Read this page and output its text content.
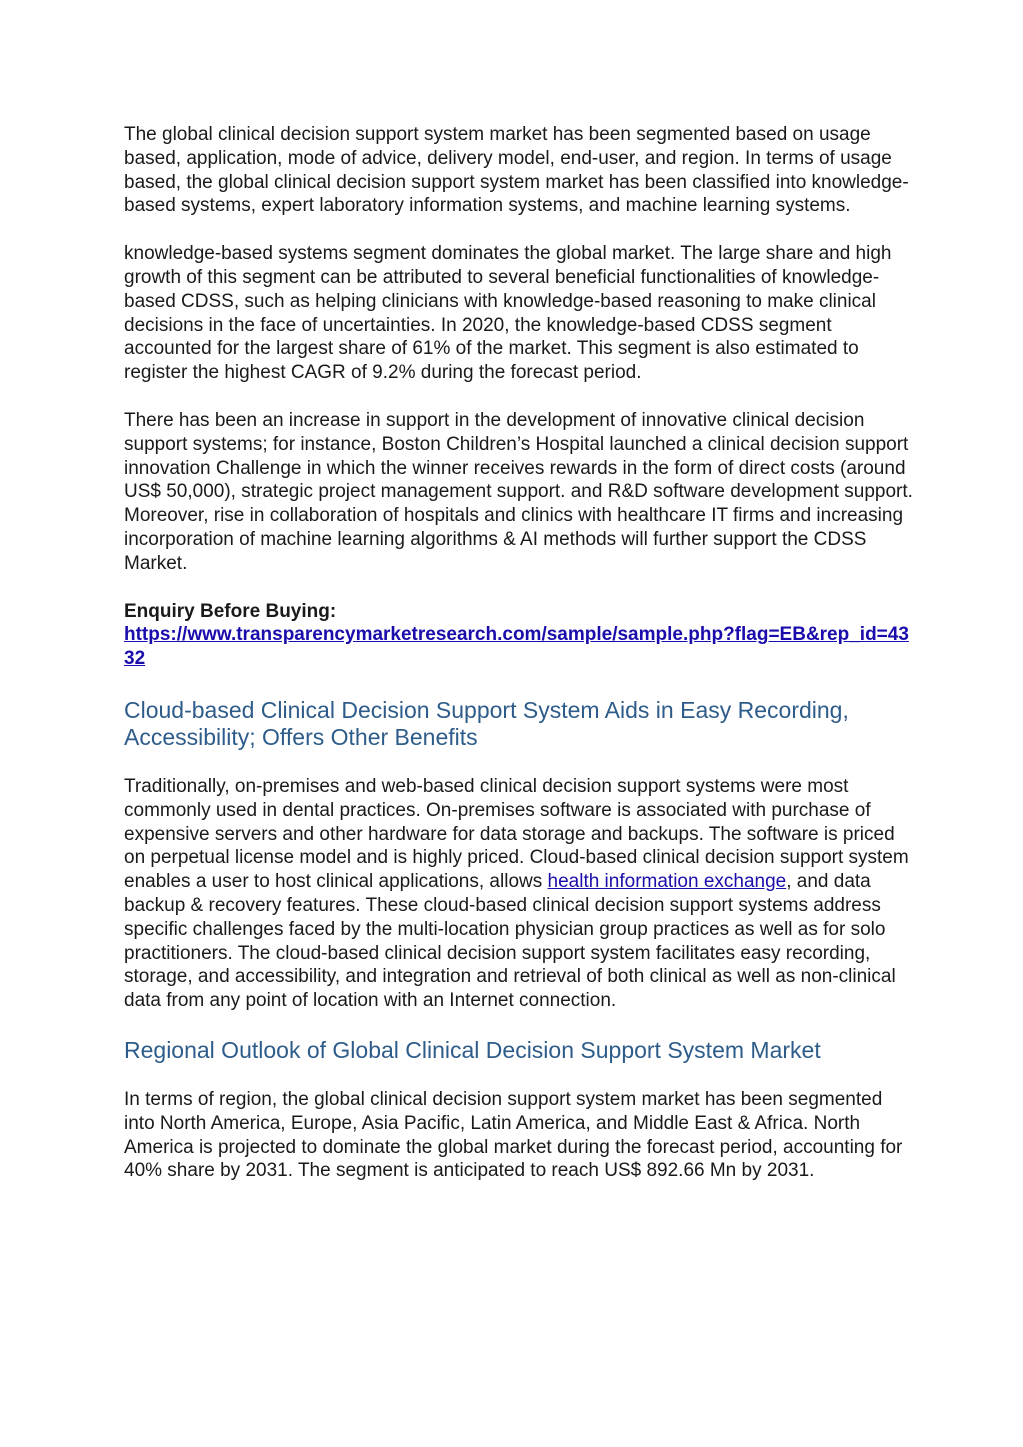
The global clinical decision support system market has been segmented based on usage based, application, mode of advice, delivery model, end-user, and region. In terms of usage based, the global clinical decision support system market has been classified into knowledge-based systems, expert laboratory information systems, and machine learning systems.

knowledge-based systems segment dominates the global market. The large share and high growth of this segment can be attributed to several beneficial functionalities of knowledge-based CDSS, such as helping clinicians with knowledge-based reasoning to make clinical decisions in the face of uncertainties. In 2020, the knowledge-based CDSS segment accounted for the largest share of 61% of the market. This segment is also estimated to register the highest CAGR of 9.2% during the forecast period.

There has been an increase in support in the development of innovative clinical decision support systems; for instance, Boston Children’s Hospital launched a clinical decision support innovation Challenge in which the winner receives rewards in the form of direct costs (around US$ 50,000), strategic project management support. and R&D software development support. Moreover, rise in collaboration of hospitals and clinics with healthcare IT firms and increasing incorporation of machine learning algorithms & AI methods will further support the CDSS Market.

Enquiry Before Buying:

https://www.transparencymarketresearch.com/sample/sample.php?flag=EB&rep_id=4332
Cloud-based Clinical Decision Support System Aids in Easy Recording, Accessibility; Offers Other Benefits

Traditionally, on-premises and web-based clinical decision support systems were most commonly used in dental practices. On-premises software is associated with purchase of expensive servers and other hardware for data storage and backups. The software is priced on perpetual license model and is highly priced. Cloud-based clinical decision support system enables a user to host clinical applications, allows health information exchange, and data backup & recovery features. These cloud-based clinical decision support systems address specific challenges faced by the multi-location physician group practices as well as for solo practitioners. The cloud-based clinical decision support system facilitates easy recording, storage, and accessibility, and integration and retrieval of both clinical as well as non-clinical data from any point of location with an Internet connection.

Regional Outlook of Global Clinical Decision Support System Market

In terms of region, the global clinical decision support system market has been segmented into North America, Europe, Asia Pacific, Latin America, and Middle East & Africa. North America is projected to dominate the global market during the forecast period, accounting for 40% share by 2031. The segment is anticipated to reach US$ 892.66 Mn by 2031.
